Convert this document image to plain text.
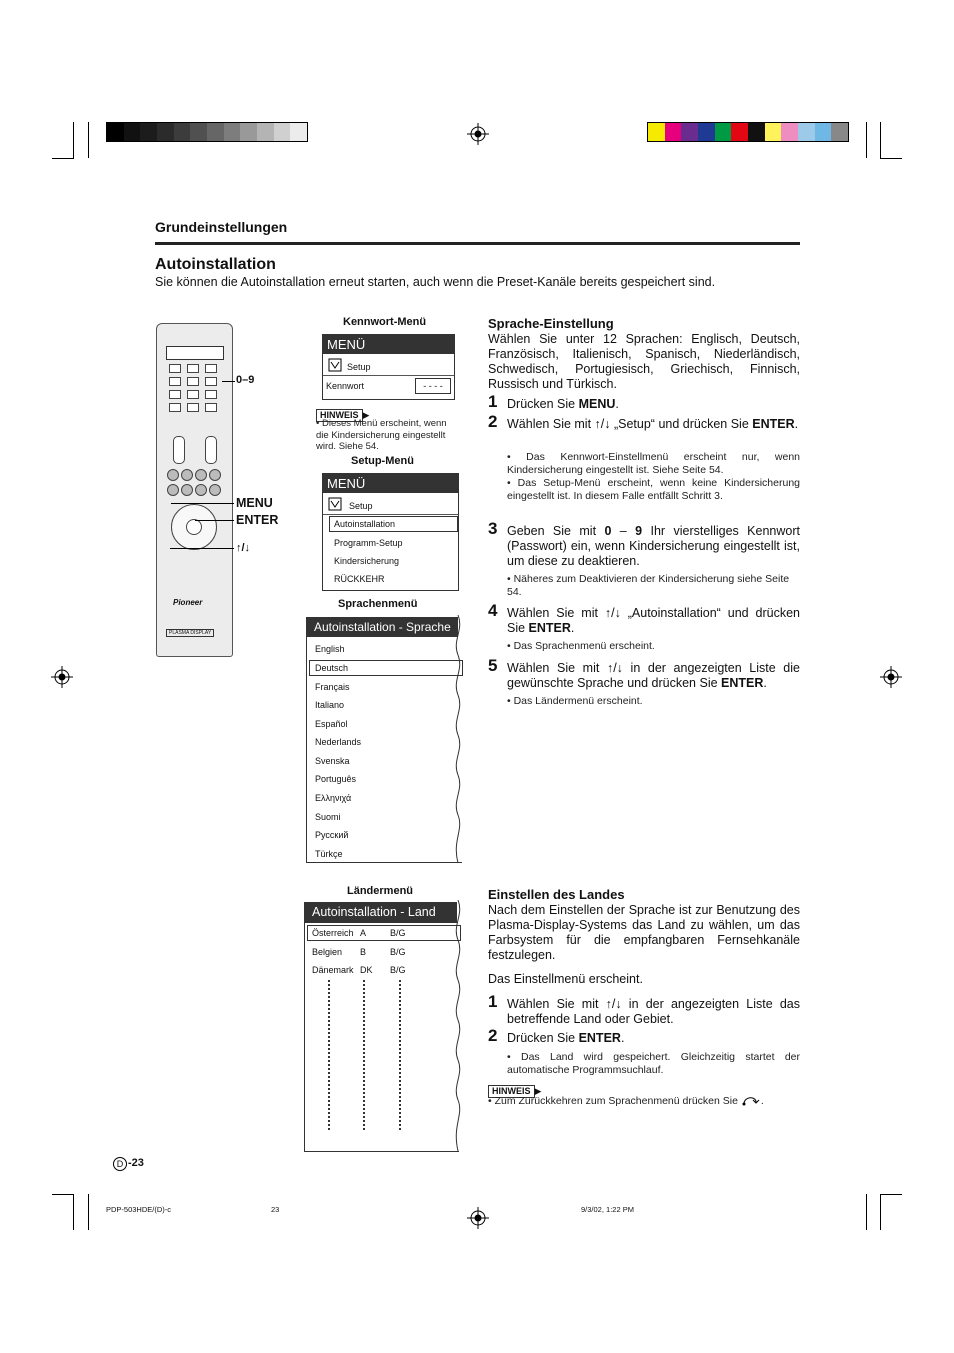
Grundeinstellungen
Autoinstallation
Sie können die Autoinstallation erneut starten, auch wenn die Preset-Kanäle bereits gespeichert sind.
Pioneer
PLASMA DISPLAY
0–9
MENU
ENTER
↑/↓
Kennwort-Menü
MENÜ
Setup
Kennwort	- - - -
HINWEIS ▶
• Dieses Menü erscheint, wenn die Kindersicherung eingestellt wird. Siehe 54.
Setup-Menü
MENÜ
Setup
Autoinstallation
Programm-Setup
Kindersicherung
RÜCKKEHR
Sprachenmenü
Autoinstallation - Sprache
English
Deutsch
Français
Italiano
Español
Nederlands
Svenska
Português
Ελληνιχά
Suomi
Русский
Türkçe
Ländermenü
Autoinstallation - Land
Österreich A	B/G
Belgien B	B/G
Dänemark DK B/G
Sprache-Einstellung
Wählen Sie unter 12 Sprachen: Englisch, Deutsch, Französisch, Italienisch, Spanisch, Niederländisch, Schwedisch, Portugiesisch, Griechisch, Finnisch, Russisch und Türkisch.
1 Drücken Sie MENU.
2 Wählen Sie mit ↑/↓ „Setup“ und drücken Sie ENTER.
• Das Kennwort-Einstellmenü erscheint nur, wenn Kindersicherung eingestellt ist. Siehe Seite 54.
• Das Setup-Menü erscheint, wenn keine Kindersicherung eingestellt ist. In diesem Falle entfällt Schritt 3.
3 Geben Sie mit 0 – 9 Ihr vierstelliges Kennwort (Passwort) ein, wenn Kindersicherung eingestellt ist, um diese zu deaktieren.
• Näheres zum Deaktivieren der Kindersicherung siehe Seite 54.
4 Wählen Sie mit ↑/↓ „Autoinstallation“ und drücken Sie ENTER.
• Das Sprachenmenü erscheint.
5 Wählen Sie mit ↑/↓ in der angezeigten Liste die gewünschte Sprache und drücken Sie ENTER.
• Das Ländermenü erscheint.
Einstellen des Landes
Nach dem Einstellen der Sprache ist zur Benutzung des Plasma-Display-Systems das Land zu wählen, um das Farbsystem für die empfangbaren Fernsehkanäle festzulegen.
Das Einstellmenü erscheint.
1 Wählen Sie mit ↑/↓ in der angezeigten Liste das betreffende Land oder Gebiet.
2 Drücken Sie ENTER.
• Das Land wird gespeichert. Gleichzeitig startet der automatische Programmsuchlauf.
HINWEIS ▶
• Zum Zurückkehren zum Sprachenmenü drücken Sie .
D -23
PDP-503HDE/(D)-c	23	9/3/02, 1:22 PM
